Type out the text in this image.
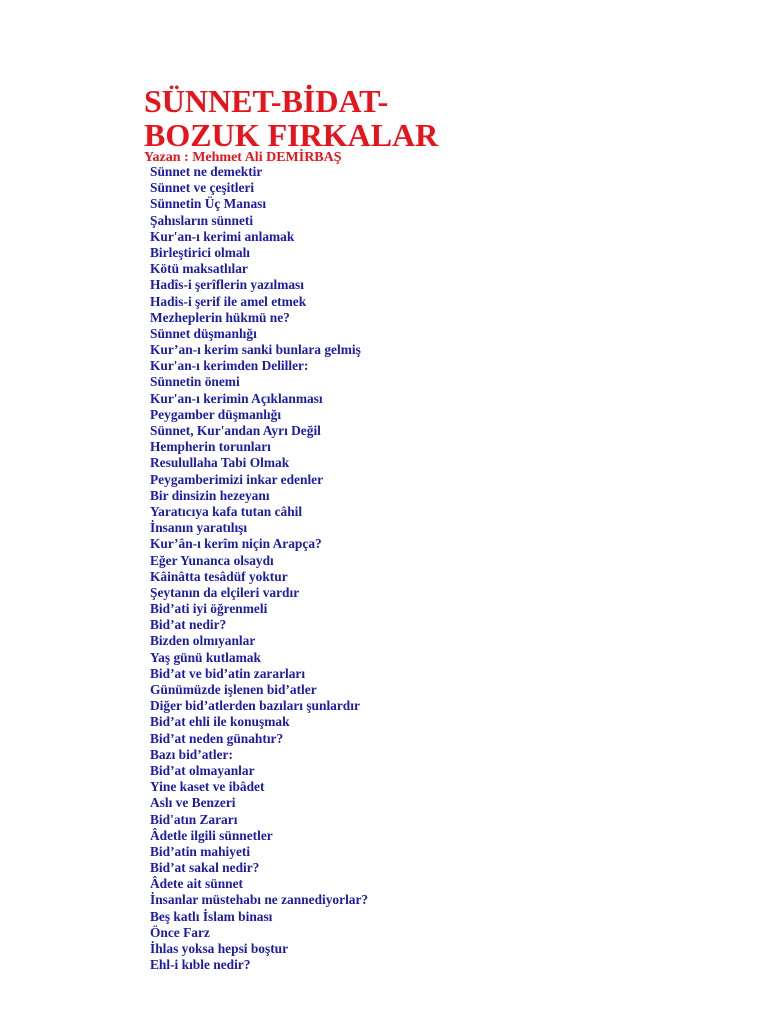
SÜNNET-BİDAT-
BOZUK FIRKALAR
Yazan : Mehmet Ali DEMİRBAŞ
Sünnet ne demektir
Sünnet ve çeşitleri
Sünnetin Üç Manası
Şahısların sünneti
Kur'an-ı kerimi anlamak
Birleştirici olmalı
Kötü maksatlılar
Hadîs-i şerîflerin yazılması
Hadis-i şerif ile amel etmek
Mezheplerin hükmü ne?
Sünnet düşmanlığı
Kur’an-ı kerim sanki bunlara gelmiş
Kur'an-ı kerimden Deliller:
Sünnetin önemi
Kur'an-ı kerimin Açıklanması
Peygamber düşmanlığı
Sünnet, Kur'andan Ayrı Değil
Hempherin torunları
Resulullaha Tabi Olmak
Peygamberimizi inkar edenler
Bir dinsizin hezeyanı
Yaratıcıya kafa tutan câhil
İnsanın yaratılışı
Kur’ân-ı kerîm niçin Arapça?
Eğer Yunanca olsaydı
Kâinâtta tesâdüf yoktur
Şeytanın da elçileri vardır
Bid’ati iyi öğrenmeli
Bid’at nedir?
Bizden olmıyanlar
Yaş günü kutlamak
Bid’at ve bid’atin zararları
Günümüzde işlenen bid’atler
Diğer bid’atlerden bazıları şunlardır
Bid’at ehli ile konuşmak
Bid’at neden günahtır?
Bazı bid’atler:
Bid’at olmayanlar
Yine kaset ve ibâdet
Aslı ve Benzeri
Bid'atın Zararı
Âdetle ilgili sünnetler
Bid’atin mahiyeti
Bid’at sakal nedir?
Âdete ait sünnet
İnsanlar müstehabı ne zannediyorlar?
Beş katlı İslam binası
Önce Farz
İhlas yoksa hepsi boştur
Ehl-i kıble nedir?
